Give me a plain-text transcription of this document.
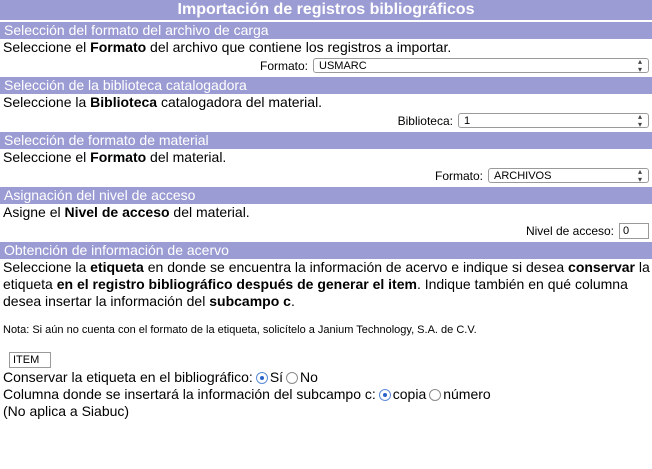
Importación de registros bibliográficos
Selección del formato del archivo de carga
Seleccione el Formato del archivo que contiene los registros a importar.
Formato: USMARC	▴
▾
Selección de la biblioteca catalogadora
Seleccione la Biblioteca catalogadora del material.
Biblioteca: 1	▴
▾
Selección de formato de material
Seleccione el Formato del material.
Formato: ARCHIVOS	▴
▾
Asignación del nivel de acceso
Asigne el Nivel de acceso del material.
Nivel de acceso: 0
Obtención de información de acervo
Seleccione la etiqueta en donde se encuentra la información de acervo e indique si desea conservar la etiqueta en el registro bibliográfico después de generar el item. Indique también en qué columna desea insertar la información del subcampo c.
Nota: Si aún no cuenta con el formato de la etiqueta, solicítelo a Janium Technology, S.A. de C.V.
ITEM
Conservar la etiqueta en el bibliográfico: Sí No
Columna donde se insertará la información del subcampo c: copia número
(No aplica a Siabuc)
